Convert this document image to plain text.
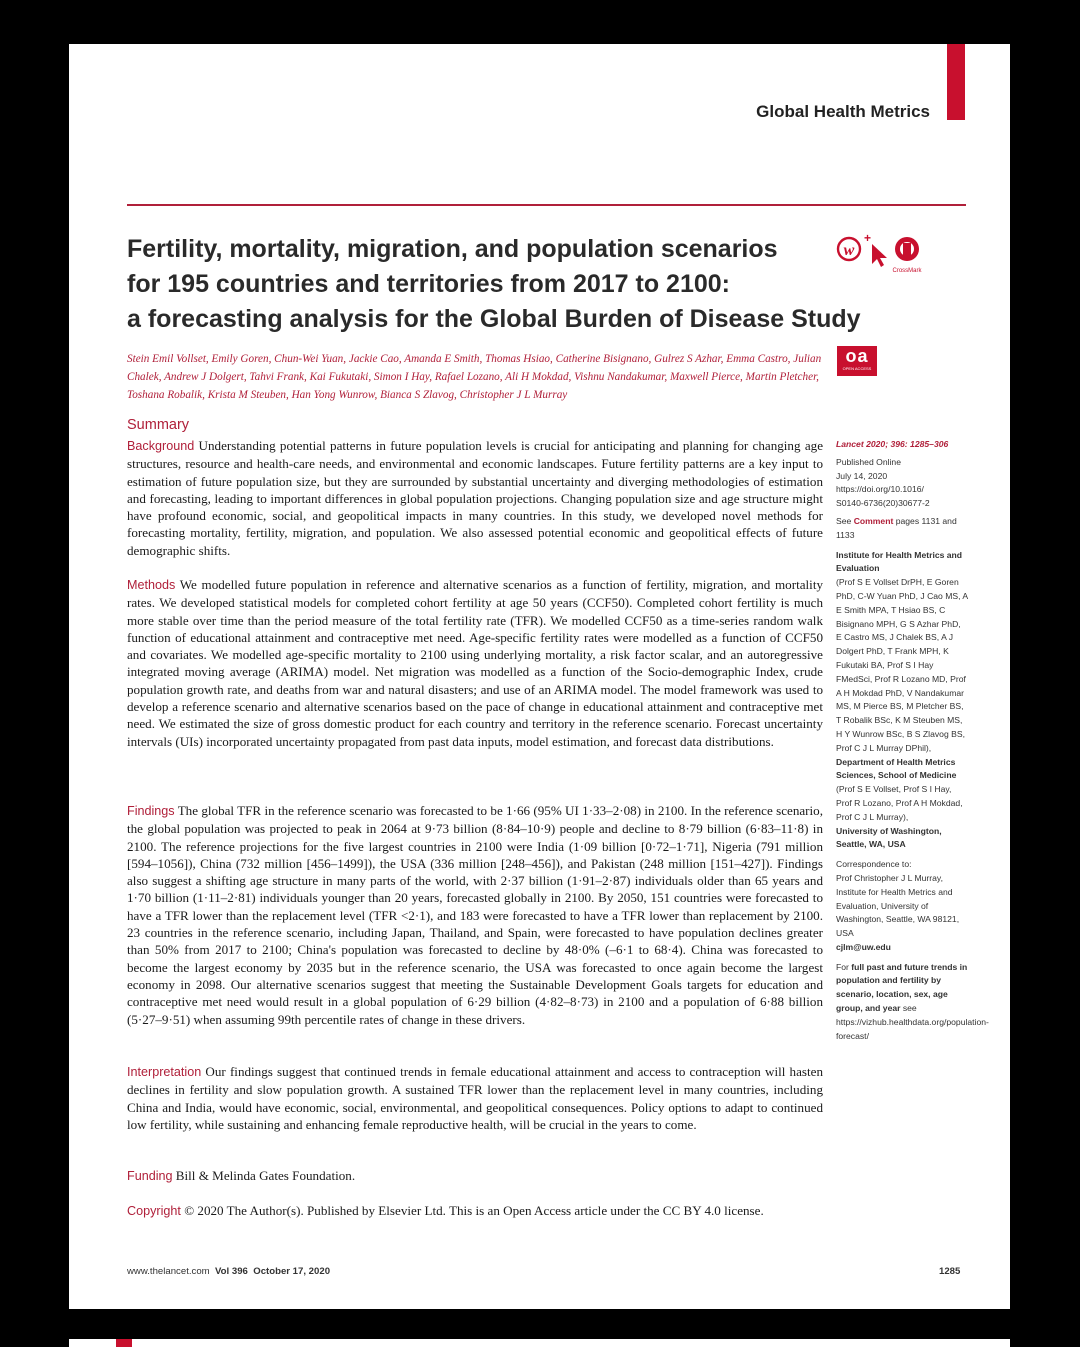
Global Health Metrics
Fertility, mortality, migration, and population scenarios
for 195 countries and territories from 2017 to 2100:
a forecasting analysis for the Global Burden of Disease Study
w
+
CrossMark
oa
OPEN ACCESS

Stein Emil Vollset, Emily Goren, Chun-Wei Yuan, Jackie Cao, Amanda E Smith, Thomas Hsiao, Catherine Bisignano, Gulrez S Azhar, Emma Castro, Julian Chalek, Andrew J Dolgert, Tahvi Frank, Kai Fukutaki, Simon I Hay, Rafael Lozano, Ali H Mokdad, Vishnu Nandakumar, Maxwell Pierce, Martin Pletcher, Toshana Robalik, Krista M Steuben, Han Yong Wunrow, Bianca S Zlavog, Christopher J L Murray

Summary

Background Understanding potential patterns in future population levels is crucial for anticipating and planning for changing age structures, resource and health-care needs, and environmental and economic landscapes. Future fertility patterns are a key input to estimation of future population size, but they are surrounded by substantial uncertainty and diverging methodologies of estimation and forecasting, leading to important differences in global population projections. Changing population size and age structure might have profound economic, social, and geopolitical impacts in many countries. In this study, we developed novel methods for forecasting mortality, fertility, migration, and population. We also assessed potential economic and geopolitical effects of future demographic shifts.

Methods We modelled future population in reference and alternative scenarios as a function of fertility, migration, and mortality rates. We developed statistical models for completed cohort fertility at age 50 years (CCF50). Completed cohort fertility is much more stable over time than the period measure of the total fertility rate (TFR). We modelled CCF50 as a time-series random walk function of educational attainment and contraceptive met need. Age-specific fertility rates were modelled as a function of CCF50 and covariates. We modelled age-specific mortality to 2100 using underlying mortality, a risk factor scalar, and an autoregressive integrated moving average (ARIMA) model. Net migration was modelled as a function of the Socio-demographic Index, crude population growth rate, and deaths from war and natural disasters; and use of an ARIMA model. The model framework was used to develop a reference scenario and alternative scenarios based on the pace of change in educational attainment and contraceptive met need. We estimated the size of gross domestic product for each country and territory in the reference scenario. Forecast uncertainty intervals (UIs) incorporated uncertainty propagated from past data inputs, model estimation, and forecast data distributions.

Findings The global TFR in the reference scenario was forecasted to be 1·66 (95% UI 1·33–2·08) in 2100. In the reference scenario, the global population was projected to peak in 2064 at 9·73 billion (8·84–10·9) people and decline to 8·79 billion (6·83–11·8) in 2100. The reference projections for the five largest countries in 2100 were India (1·09 billion [0·72–1·71], Nigeria (791 million [594–1056]), China (732 million [456–1499]), the USA (336 million [248–456]), and Pakistan (248 million [151–427]). Findings also suggest a shifting age structure in many parts of the world, with 2·37 billion (1·91–2·87) individuals older than 65 years and 1·70 billion (1·11–2·81) individuals younger than 20 years, forecasted globally in 2100. By 2050, 151 countries were forecasted to have a TFR lower than the replacement level (TFR <2·1), and 183 were forecasted to have a TFR lower than replacement by 2100. 23 countries in the reference scenario, including Japan, Thailand, and Spain, were forecasted to have population declines greater than 50% from 2017 to 2100; China's population was forecasted to decline by 48·0% (–6·1 to 68·4). China was forecasted to become the largest economy by 2035 but in the reference scenario, the USA was forecasted to once again become the largest economy in 2098. Our alternative scenarios suggest that meeting the Sustainable Development Goals targets for education and contraceptive met need would result in a global population of 6·29 billion (4·82–8·73) in 2100 and a population of 6·88 billion (5·27–9·51) when assuming 99th percentile rates of change in these drivers.

Interpretation Our findings suggest that continued trends in female educational attainment and access to contraception will hasten declines in fertility and slow population growth. A sustained TFR lower than the replacement level in many countries, including China and India, would have economic, social, environmental, and geopolitical consequences. Policy options to adapt to continued low fertility, while sustaining and enhancing female reproductive health, will be crucial in the years to come.

Funding Bill & Melinda Gates Foundation.

Copyright © 2020 The Author(s). Published by Elsevier Ltd. This is an Open Access article under the CC BY 4.0 license.

Lancet 2020; 396: 1285–306

Published Online

July 14, 2020

https://doi.org/10.1016/
S0140-6736(20)30677-2

See Comment pages 1131 and 1133

Institute for Health Metrics and Evaluation

(Prof S E Vollset DrPH, E Goren PhD, C-W Yuan PhD, J Cao MS, A E Smith MPA, T Hsiao BS, C Bisignano MPH, G S Azhar PhD, E Castro MS, J Chalek BS, A J Dolgert PhD, T Frank MPH, K Fukutaki BA, Prof S I Hay FMedSci, Prof R Lozano MD, Prof A H Mokdad PhD, V Nandakumar MS, M Pierce BS, M Pletcher BS, T Robalik BSc, K M Steuben MS, H Y Wunrow BSc, B S Zlavog BS, Prof C J L Murray DPhil),

Department of Health Metrics Sciences, School of Medicine

(Prof S E Vollset, Prof S I Hay, Prof R Lozano, Prof A H Mokdad, Prof C J L Murray),

University of Washington, Seattle, WA, USA

Correspondence to:

Prof Christopher J L Murray, Institute for Health Metrics and Evaluation, University of Washington, Seattle, WA 98121, USA

cjlm@uw.edu

For full past and future trends in population and fertility by scenario, location, sex, age group, and year see

https://vizhub.healthdata.org/population-forecast/

www.thelancet.com Vol 396 October 17, 2020	1285
